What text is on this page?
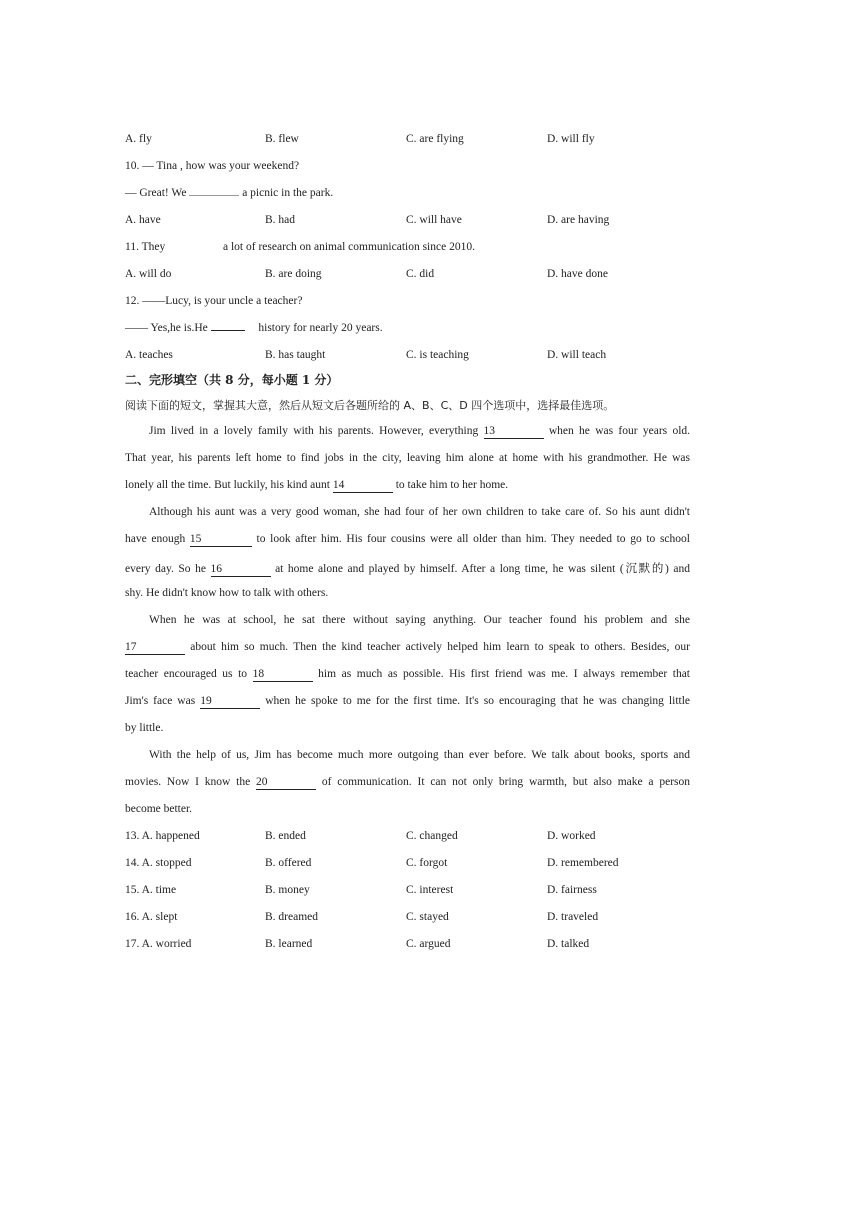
A. fly	B. flew	C. are flying	D. will fly
10. — Tina , how was your weekend?
— Great! We	a picnic in the park.
A. have	B. had	C. will have	D. are having
11. They	a lot of research on animal communication since 2010.
A. will do	B. are doing	C. did	D. have done
12. ——Lucy, is your uncle a teacher?
—— Yes,he is.He	history for nearly 20 years.
A. teaches	B. has taught	C. is teaching	D. will teach
二、完形填空（共 8 分，每小题 1 分）
阅读下面的短文，掌握其大意，然后从短文后各题所给的 A、B、C、D 四个选项中，选择最佳选项。
Jim lived in a lovely family with his parents. However, everything 13	when he was four years old.
That year, his parents left home to find jobs in the city, leaving him alone at home with his grandmother. He was
lonely all the time. But luckily, his kind aunt 14	to take him to her home.
Although his aunt was a very good woman, she had four of her own children to take care of. So his aunt didn't
have enough 15	to look after him. His four cousins were all older than him. They needed to go to school
every day. So he 16	at home alone and played by himself. After a long time, he was silent (沉默的) and
shy. He didn't know how to talk with others.
When he was at school, he sat there without saying anything. Our teacher found his problem and she
17	about him so much. Then the kind teacher actively helped him learn to speak to others. Besides, our
teacher encouraged us to 18	him as much as possible. His first friend was me. I always remember that
Jim's face was 19	when he spoke to me for the first time. It's so encouraging that he was changing little
by little.
With the help of us, Jim has become much more outgoing than ever before. We talk about books, sports and
movies. Now I know the 20	of communication. It can not only bring warmth, but also make a person
become better.
13. A. happened	B. ended	C. changed	D. worked
14. A. stopped	B. offered	C. forgot	D. remembered
15. A. time	B. money	C. interest	D. fairness
16. A. slept	B. dreamed	C. stayed	D. traveled
17. A. worried	B. learned	C. argued	D. talked
